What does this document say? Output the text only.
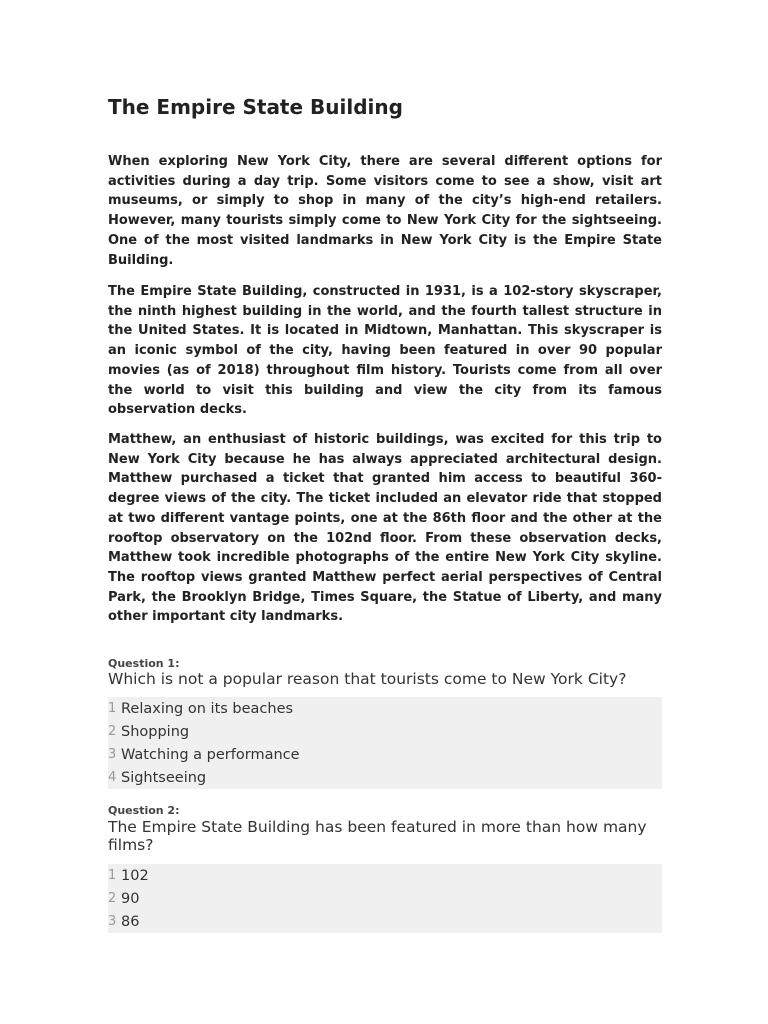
The Empire State Building

When exploring New York City, there are several different options for activities during a day trip. Some visitors come to see a show, visit art museums, or simply to shop in many of the city’s high-end retailers. However, many tourists simply come to New York City for the sightseeing. One of the most visited landmarks in New York City is the Empire State Building.

The Empire State Building, constructed in 1931, is a 102-story skyscraper, the ninth highest building in the world, and the fourth tallest structure in the United States. It is located in Midtown, Manhattan. This skyscraper is an iconic symbol of the city, having been featured in over 90 popular movies (as of 2018) throughout film history. Tourists come from all over the world to visit this building and view the city from its famous observation decks.

Matthew, an enthusiast of historic buildings, was excited for this trip to New York City because he has always appreciated architectural design. Matthew purchased a ticket that granted him access to beautiful 360-degree views of the city. The ticket included an elevator ride that stopped at two different vantage points, one at the 86th floor and the other at the rooftop observatory on the 102nd floor. From these observation decks, Matthew took incredible photographs of the entire New York City skyline. The rooftop views granted Matthew perfect aerial perspectives of Central Park, the Brooklyn Bridge, Times Square, the Statue of Liberty, and many other important city landmarks.

Question 1:
Which is not a popular reason that tourists come to New York City?
1 Relaxing on its beaches
2 Shopping
3 Watching a performance
4 Sightseeing
Question 2:
The Empire State Building has been featured in more than how many films?
1 102
2 90
3 86
